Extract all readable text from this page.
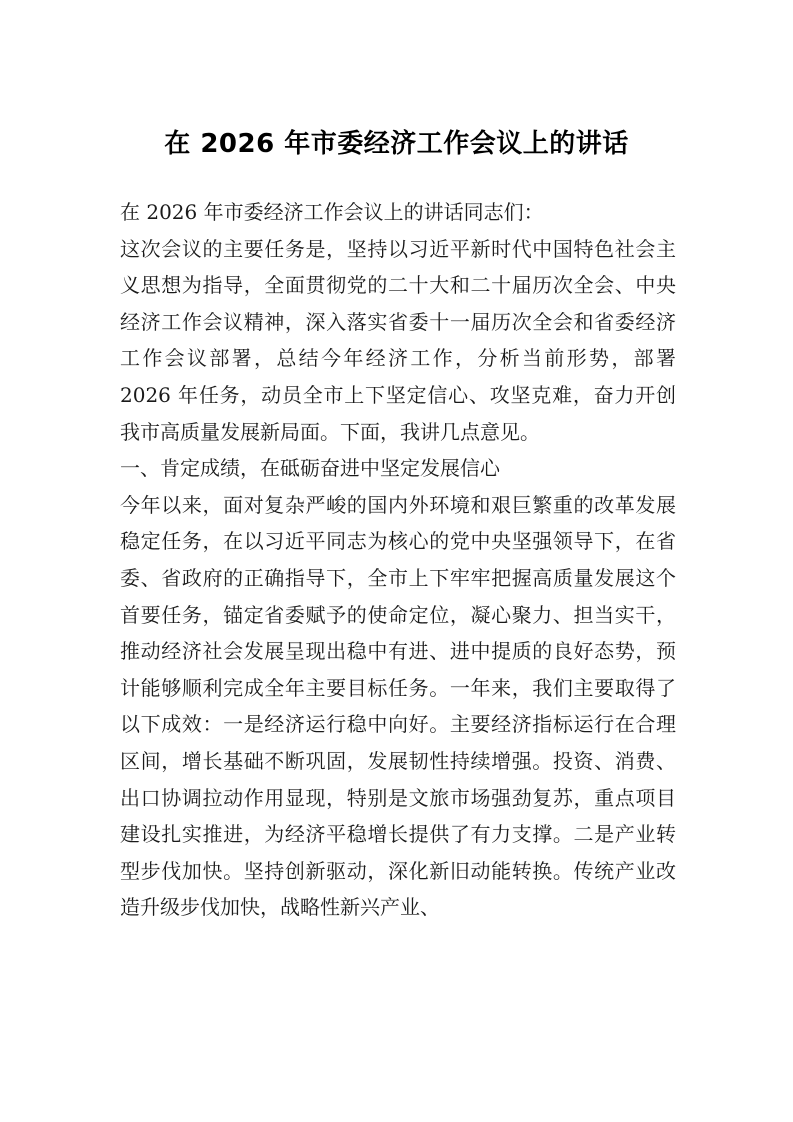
在 2026 年市委经济工作会议上的讲话

在 2026 年市委经济工作会议上的讲话同志们：

这次会议的主要任务是，坚持以习近平新时代中国特色社会主义思想为指导，全面贯彻党的二十大和二十届历次全会、中央经济工作会议精神，深入落实省委十一届历次全会和省委经济工作会议部署，总结今年经济工作，分析当前形势，部署 2026 年任务，动员全市上下坚定信心、攻坚克难，奋力开创我市高质量发展新局面。下面，我讲几点意见。

一、肯定成绩，在砥砺奋进中坚定发展信心

今年以来，面对复杂严峻的国内外环境和艰巨繁重的改革发展稳定任务，在以习近平同志为核心的党中央坚强领导下，在省委、省政府的正确指导下，全市上下牢牢把握高质量发展这个首要任务，锚定省委赋予的使命定位，凝心聚力、担当实干，推动经济社会发展呈现出稳中有进、进中提质的良好态势，预计能够顺利完成全年主要目标任务。一年来，我们主要取得了以下成效：一是经济运行稳中向好。主要经济指标运行在合理区间，增长基础不断巩固，发展韧性持续增强。投资、消费、出口协调拉动作用显现，特别是文旅市场强劲复苏，重点项目建设扎实推进，为经济平稳增长提供了有力支撑。二是产业转型步伐加快。坚持创新驱动，深化新旧动能转换。传统产业改造升级步伐加快，战略性新兴产业、
